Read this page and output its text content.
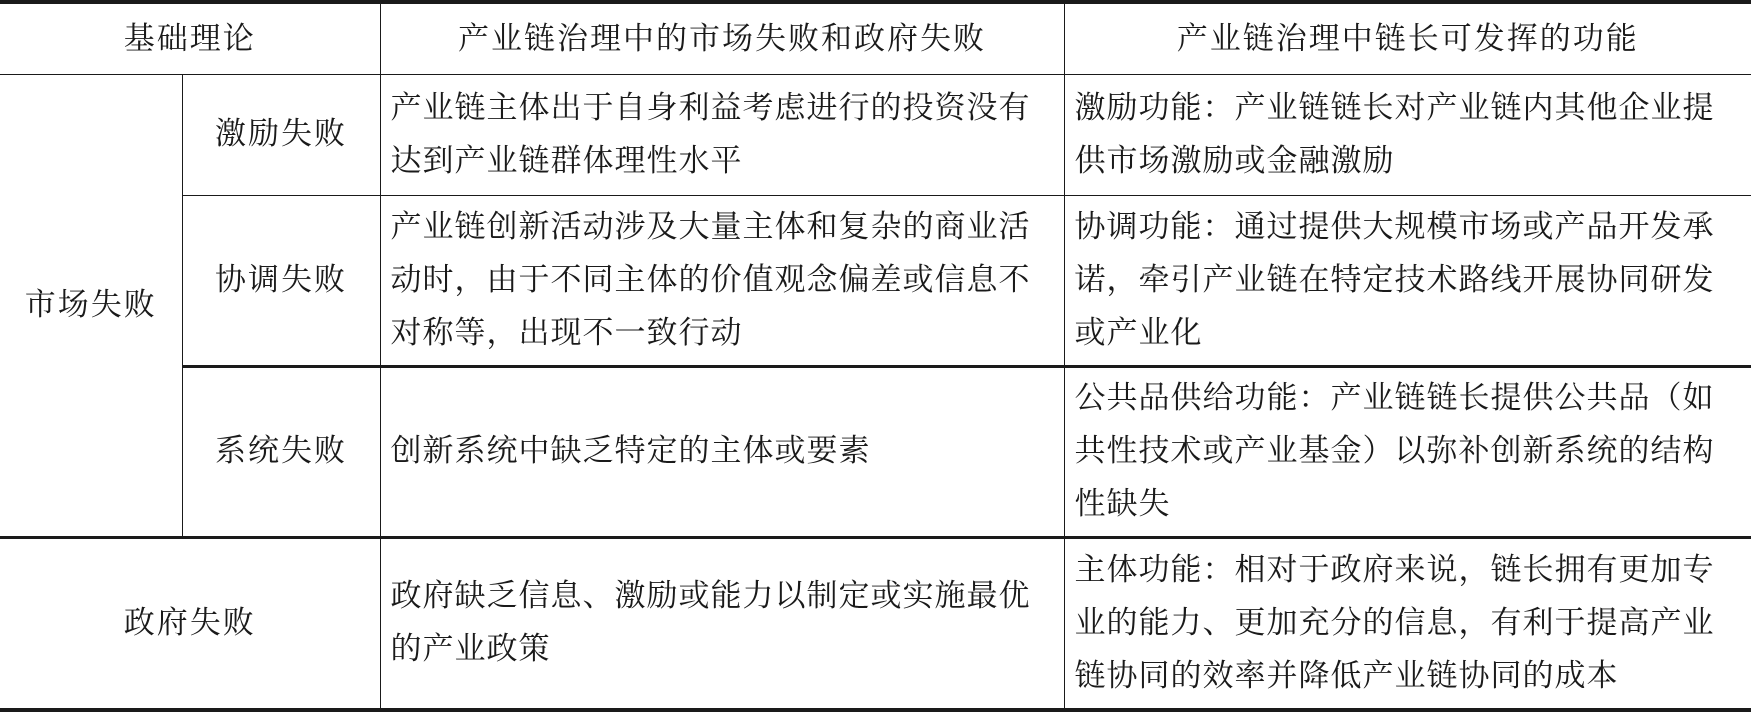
基础理论		产业链治理中的市场失败和政府失败	产业链治理中链长可发挥的功能
市场失败	激励失败	产业链主体出于自身利益考虑进行的投资没有达到产业链群体理性水平	激励功能：产业链链长对产业链内其他企业提供市场激励或金融激励
	协调失败	产业链创新活动涉及大量主体和复杂的商业活动时，由于不同主体的价值观念偏差或信息不对称等，出现不一致行动	协调功能：通过提供大规模市场或产品开发承诺，牵引产业链在特定技术路线开展协同研发或产业化
	系统失败	创新系统中缺乏特定的主体或要素	公共品供给功能：产业链链长提供公共品（如共性技术或产业基金）以弥补创新系统的结构性缺失
政府失败		政府缺乏信息、激励或能力以制定或实施最优的产业政策	主体功能：相对于政府来说，链长拥有更加专业的能力、更加充分的信息，有利于提高产业链协同的效率并降低产业链协同的成本
